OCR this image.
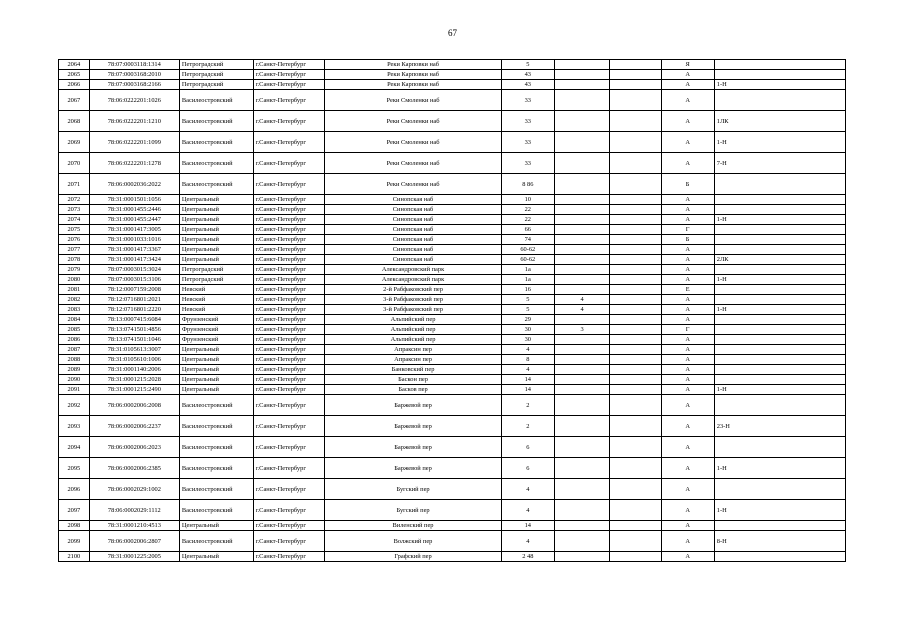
67
2064	78:07:0003118:1314	Петроградский	г.Санкт-Петербург	Реки Карповки наб	5			Я	
2065	78:07:0003168:2010	Петроградский	г.Санкт-Петербург	Реки Карповки наб	43			А	
2066	78:07:0003168:2166	Петроградский	г.Санкт-Петербург	Реки Карповки наб	43			А	1-Н
2067	78:06:0222201:1026	Василеостровский	г.Санкт-Петербург	Реки Смоленки наб	33			А	
2068	78:06:0222201:1210	Василеостровский	г.Санкт-Петербург	Реки Смоленки наб	33			А	1ЛК
2069	78:06:0222201:1099	Василеостровский	г.Санкт-Петербург	Реки Смоленки наб	33			А	1-Н
2070	78:06:0222201:1278	Василеостровский	г.Санкт-Петербург	Реки Смоленки наб	33			А	7-Н
2071	78:06:0002036:2022	Василеостровский	г.Санкт-Петербург	Реки Смоленки наб	8 86			Б	
2072	78:31:0001501:1056	Центральный	г.Санкт-Петербург	Синопская наб	10			А	
2073	78:31:0001455:2446	Центральный	г.Санкт-Петербург	Синопская наб	22			А	
2074	78:31:0001455:2447	Центральный	г.Санкт-Петербург	Синопская наб	22			А	1-Н
2075	78:31:0001417:3005	Центральный	г.Санкт-Петербург	Синопская наб	66			Г	
2076	78:31:0001033:1016	Центральный	г.Санкт-Петербург	Синопская наб	74			Б	
2077	78:31:0001417:3367	Центральный	г.Санкт-Петербург	Синопская наб	60-62			А	
2078	78:31:0001417:3424	Центральный	г.Санкт-Петербург	Синопская наб	60-62			А	2ЛК
2079	78:07:0003015:3024	Петроградский	г.Санкт-Петербург	Александровский парк	1а			А	
2080	78:07:0003015:3106	Петроградский	г.Санкт-Петербург	Александровский парк	1а			А	1-Н
2081	78:12:0007159:2008	Невский	г.Санкт-Петербург	2-й Рабфаковский пер	16			Е	
2082	78:12:0716801:2021	Невский	г.Санкт-Петербург	3-й Рабфаковский пер	5	4		А	
2083	78:12:0716801:2220	Невский	г.Санкт-Петербург	3-й Рабфаковский пер	5	4		А	1-Н
2084	78:13:0007415:6084	Фрунзенский	г.Санкт-Петербург	Альпийский пер	29			А	
2085	78:13:0741501:4856	Фрунзенский	г.Санкт-Петербург	Альпийский пер	30	3		Г	
2086	78:13:0741501:1046	Фрунзенский	г.Санкт-Петербург	Альпийский пер	30			А	
2087	78:31:0105613:3007	Центральный	г.Санкт-Петербург	Апраксин пер	4			А	
2088	78:31:0105610:1006	Центральный	г.Санкт-Петербург	Апраксин пер	8			А	
2089	78:31:0001140:2006	Центральный	г.Санкт-Петербург	Банковский пер	4			А	
2090	78:31:0001215:2028	Центральный	г.Санкт-Петербург	Баскон пер	14			А	
2091	78:31:0001215:2490	Центральный	г.Санкт-Петербург	Басков пер	14			А	1-Н
2092	78:06:0002006:2008	Василеостровский	г.Санкт-Петербург	Баржевой пер	2			А	
2093	78:06:0002006:2237	Василеостровский	г.Санкт-Петербург	Баржевой пер	2			А	23-Н
2094	78:06:0002006:2023	Василеостровский	г.Санкт-Петербург	Баржевой пер	6			А	
2095	78:06:0002006:2385	Василеостровский	г.Санкт-Петербург	Баржевой пер	6			А	1-Н
2096	78:06:0002029:1002	Василеостровский	г.Санкт-Петербург	Бугский пер	4			А	
2097	78:06:0002029:1112	Василеостровский	г.Санкт-Петербург	Бугский пер	4			А	1-Н
2098	78:31:0001210:4513	Центральный	г.Санкт-Петербург	Виленский пер	14			А	
2099	78:06:0002006:2807	Василеостровский	г.Санкт-Петербург	Волжский пер	4			А	8-Н
2100	78:31:0001225:2005	Центральный	г.Санкт-Петербург	Графский пер	2 48			А	
